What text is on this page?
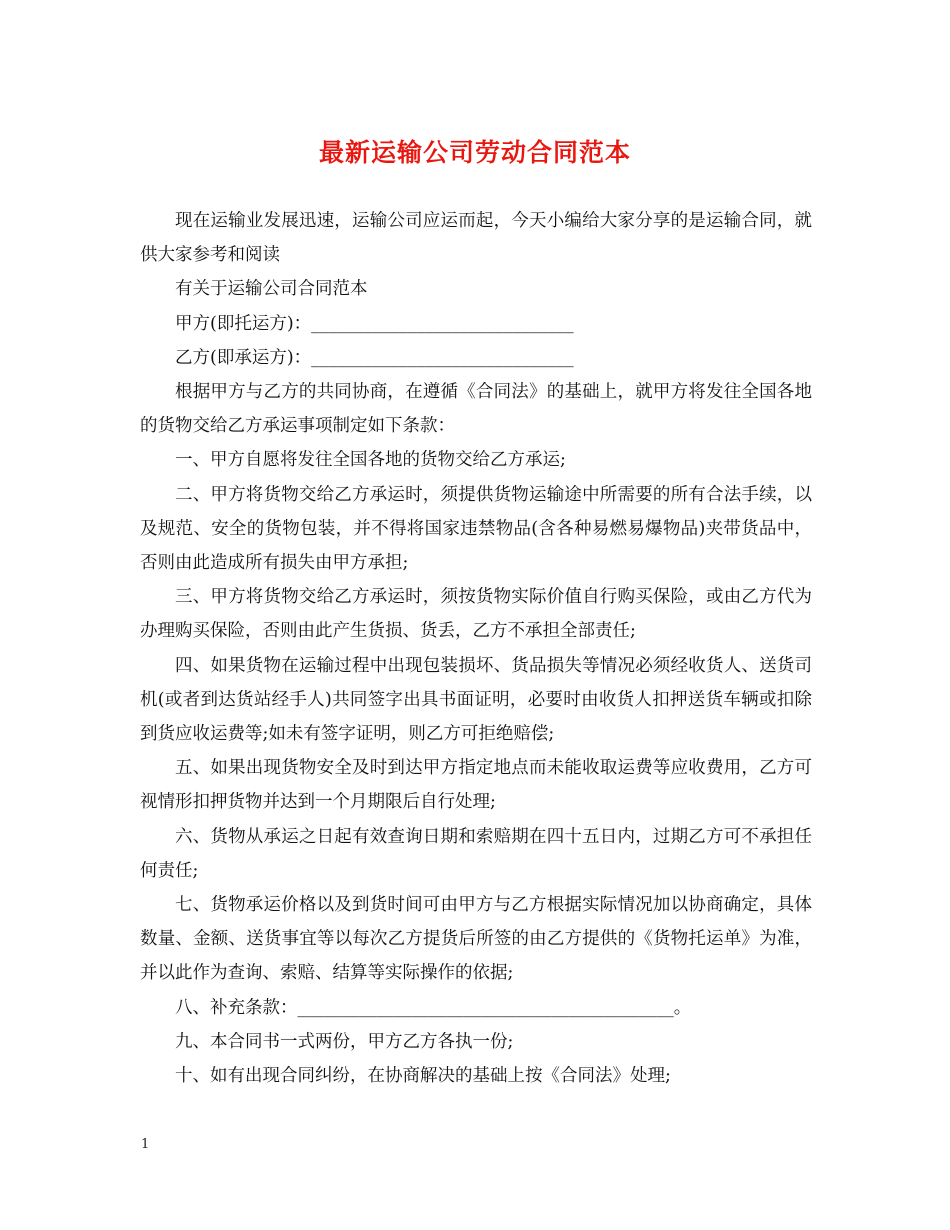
最新运输公司劳动合同范本

现在运输业发展迅速，运输公司应运而起，今天小编给大家分享的是运输合同，就供大家参考和阅读

有关于运输公司合同范本

甲方(即托运方)：______________________________

乙方(即承运方)：______________________________

根据甲方与乙方的共同协商，在遵循《合同法》的基础上，就甲方将发往全国各地的货物交给乙方承运事项制定如下条款：

一、甲方自愿将发往全国各地的货物交给乙方承运;

二、甲方将货物交给乙方承运时，须提供货物运输途中所需要的所有合法手续，以及规范、安全的货物包装，并不得将国家违禁物品(含各种易燃易爆物品)夹带货品中，否则由此造成所有损失由甲方承担;

三、甲方将货物交给乙方承运时，须按货物实际价值自行购买保险，或由乙方代为办理购买保险，否则由此产生货损、货丢，乙方不承担全部责任;

四、如果货物在运输过程中出现包装损坏、货品损失等情况必须经收货人、送货司机(或者到达货站经手人)共同签字出具书面证明，必要时由收货人扣押送货车辆或扣除到货应收运费等;如未有签字证明，则乙方可拒绝赔偿;

五、如果出现货物安全及时到达甲方指定地点而未能收取运费等应收费用，乙方可视情形扣押货物并达到一个月期限后自行处理;

六、货物从承运之日起有效查询日期和索赔期在四十五日内，过期乙方可不承担任何责任;

七、货物承运价格以及到货时间可由甲方与乙方根据实际情况加以协商确定，具体数量、金额、送货事宜等以每次乙方提货后所签的由乙方提供的《货物托运单》为准，并以此作为查询、索赔、结算等实际操作的依据;

八、补充条款：___________________________________________。

九、本合同书一式两份，甲方乙方各执一份;

十、如有出现合同纠纷，在协商解决的基础上按《合同法》处理;

1
